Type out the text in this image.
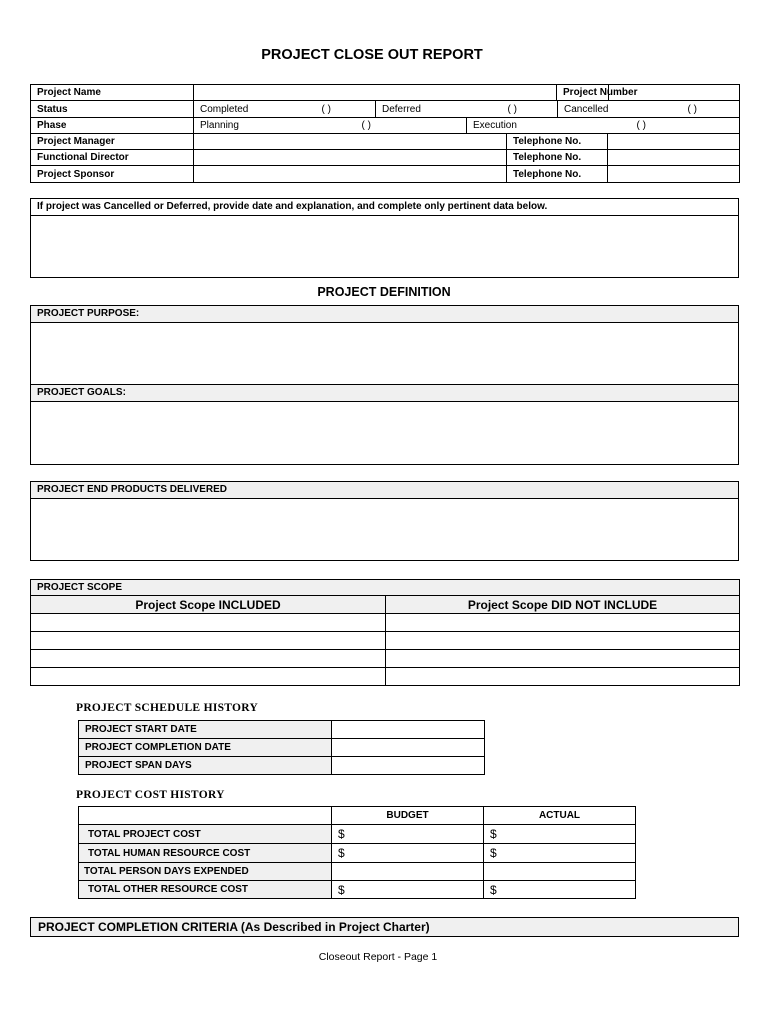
PROJECT CLOSE OUT REPORT
Project Name		Project Number	
Status	Completed	( )	Deferred	( )	Cancelled	( )
Phase	Planning	( )	Execution	( )
Project Manager		Telephone No.	
Functional Director		Telephone No.	
Project Sponsor		Telephone No.	
If project was Cancelled or Deferred, provide date and explanation, and complete only pertinent data below.
PROJECT DEFINITION
PROJECT PURPOSE:
PROJECT GOALS:
PROJECT END PRODUCTS DELIVERED
PROJECT SCOPE	
Project Scope INCLUDED	Project Scope DID NOT INCLUDE

PROJECT SCHEDULE HISTORY
PROJECT START DATE	
PROJECT COMPLETION DATE	
PROJECT SPAN DAYS	
PROJECT COST HISTORY
	BUDGET	ACTUAL
TOTAL PROJECT COST	$	$
TOTAL HUMAN RESOURCE COST	$	$
TOTAL PERSON DAYS EXPENDED		
TOTAL OTHER RESOURCE COST	$	$
PROJECT COMPLETION CRITERIA (As Described in Project Charter)
Closeout Report - Page 1
